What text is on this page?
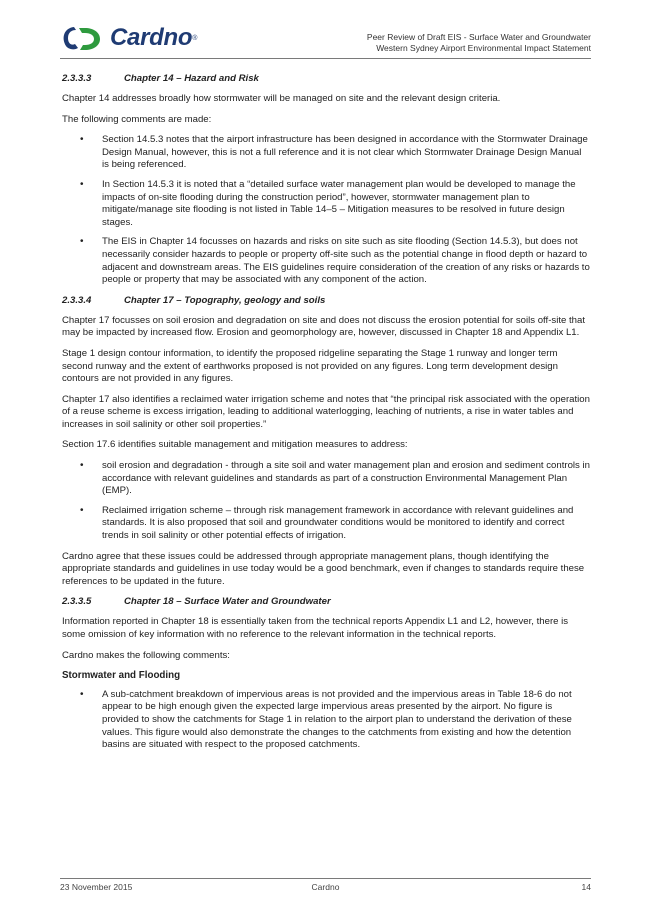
Cardno ®	Peer Review of Draft EIS - Surface Water and Groundwater
Western Sydney Airport Environmental Impact Statement
2.3.3.3	Chapter 14 – Hazard and Risk

Chapter 14 addresses broadly how stormwater will be managed on site and the relevant design criteria.

The following comments are made:

• Section 14.5.3 notes that the airport infrastructure has been designed in accordance with the Stormwater Drainage Design Manual, however, this is not a full reference and it is not clear which Stormwater Drainage Design Manual is being referenced.
• In Section 14.5.3 it is noted that a “detailed surface water management plan would be developed to manage the impacts of on-site flooding during the construction period”, however, stormwater management plan to mitigate/manage site flooding is not listed in Table 14–5 – Mitigation measures to be resolved in future design stages.
• The EIS in Chapter 14 focusses on hazards and risks on site such as site flooding (Section 14.5.3), but does not necessarily consider hazards to people or property off-site such as the potential change in flood depth or hazard to adjacent and downstream areas. The EIS guidelines require consideration of the creation of any risks or hazards to people or property that may be associated with any component of the action.
2.3.3.4	Chapter 17 – Topography, geology and soils

Chapter 17 focusses on soil erosion and degradation on site and does not discuss the erosion potential for soils off-site that may be impacted by increased flow. Erosion and geomorphology are, however, discussed in Chapter 18 and Appendix L1.

Stage 1 design contour information, to identify the proposed ridgeline separating the Stage 1 runway and longer term second runway and the extent of earthworks proposed is not provided on any figures. Long term development design contours are not provided in any figures.

Chapter 17 also identifies a reclaimed water irrigation scheme and notes that “the principal risk associated with the operation of a reuse scheme is excess irrigation, leading to additional waterlogging, leaching of nutrients, a rise in water tables and increases in soil salinity or other soil properties.”

Section 17.6 identifies suitable management and mitigation measures to address:

• soil erosion and degradation - through a site soil and water management plan and erosion and sediment controls in accordance with relevant guidelines and standards as part of a construction Environmental Management Plan (EMP).
• Reclaimed irrigation scheme – through risk management framework in accordance with relevant guidelines and standards. It is also proposed that soil and groundwater conditions would be monitored to identify and correct trends in soil salinity or other potential effects of irrigation.

Cardno agree that these issues could be addressed through appropriate management plans, though identifying the appropriate standards and guidelines in use today would be a good benchmark, even if changes to standards require these references to be updated in the future.

2.3.3.5	Chapter 18 – Surface Water and Groundwater

Information reported in Chapter 18 is essentially taken from the technical reports Appendix L1 and L2, however, there is some omission of key information with no reference to the relevant information in the technical reports.

Cardno makes the following comments:

Stormwater and Flooding
• A sub-catchment breakdown of impervious areas is not provided and the impervious areas in Table 18-6 do not appear to be high enough given the expected large impervious areas presented by the airport. No figure is provided to show the catchments for Stage 1 in relation to the airport plan to understand the derivation of these values. This figure would also demonstrate the changes to the catchments from existing and how the detention basins are situated with respect to the proposed catchments.
23 November 2015	Cardno	14
